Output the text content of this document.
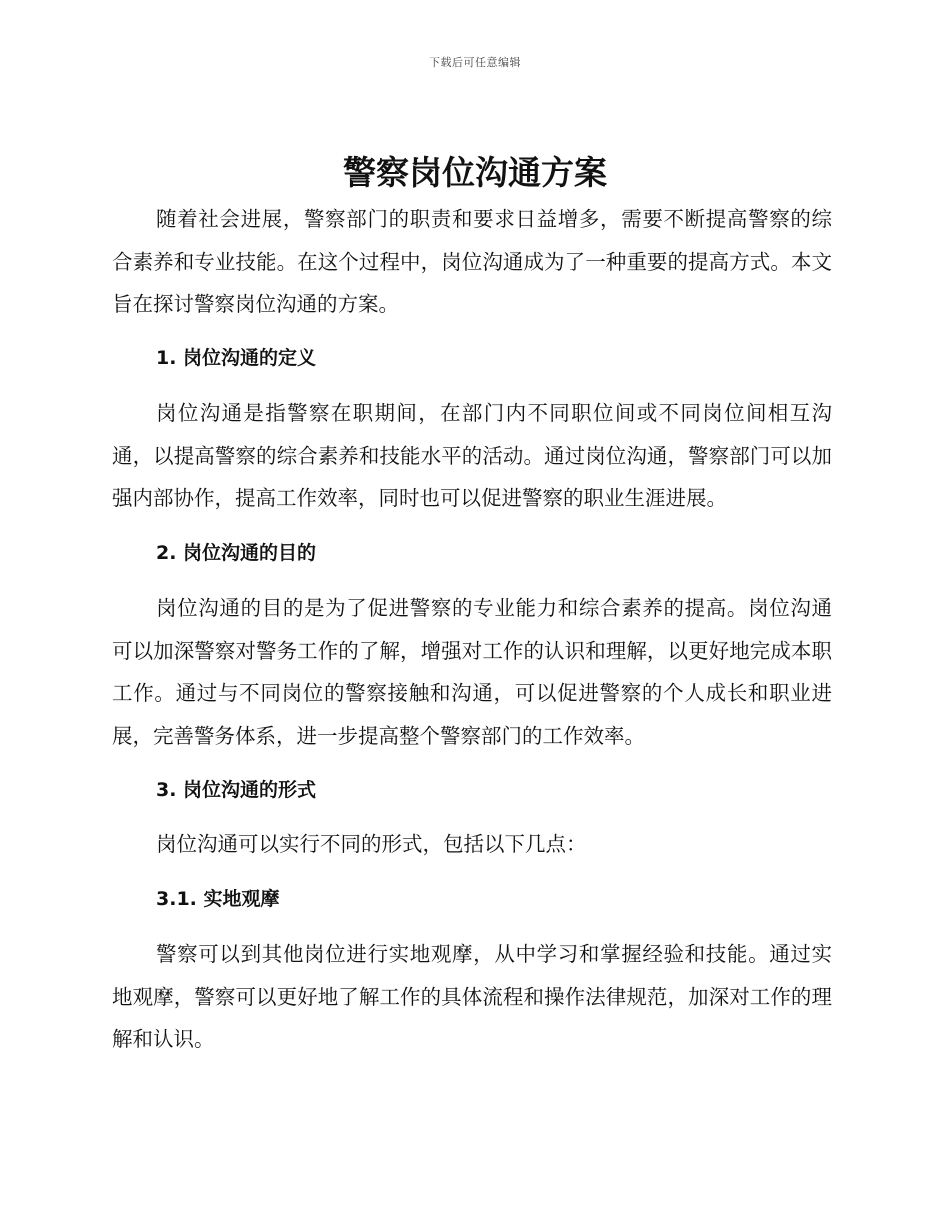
下载后可任意编辑
警察岗位沟通方案

随着社会进展，警察部门的职责和要求日益增多，需要不断提高警察的综合素养和专业技能。在这个过程中，岗位沟通成为了一种重要的提高方式。本文旨在探讨警察岗位沟通的方案。

1. 岗位沟通的定义

岗位沟通是指警察在职期间，在部门内不同职位间或不同岗位间相互沟通，以提高警察的综合素养和技能水平的活动。通过岗位沟通，警察部门可以加强内部协作，提高工作效率，同时也可以促进警察的职业生涯进展。

2. 岗位沟通的目的

岗位沟通的目的是为了促进警察的专业能力和综合素养的提高。岗位沟通可以加深警察对警务工作的了解，增强对工作的认识和理解，以更好地完成本职工作。通过与不同岗位的警察接触和沟通，可以促进警察的个人成长和职业进展，完善警务体系，进一步提高整个警察部门的工作效率。

3. 岗位沟通的形式

岗位沟通可以实行不同的形式，包括以下几点：

3.1. 实地观摩

警察可以到其他岗位进行实地观摩，从中学习和掌握经验和技能。通过实地观摩，警察可以更好地了解工作的具体流程和操作法律规范，加深对工作的理解和认识。
